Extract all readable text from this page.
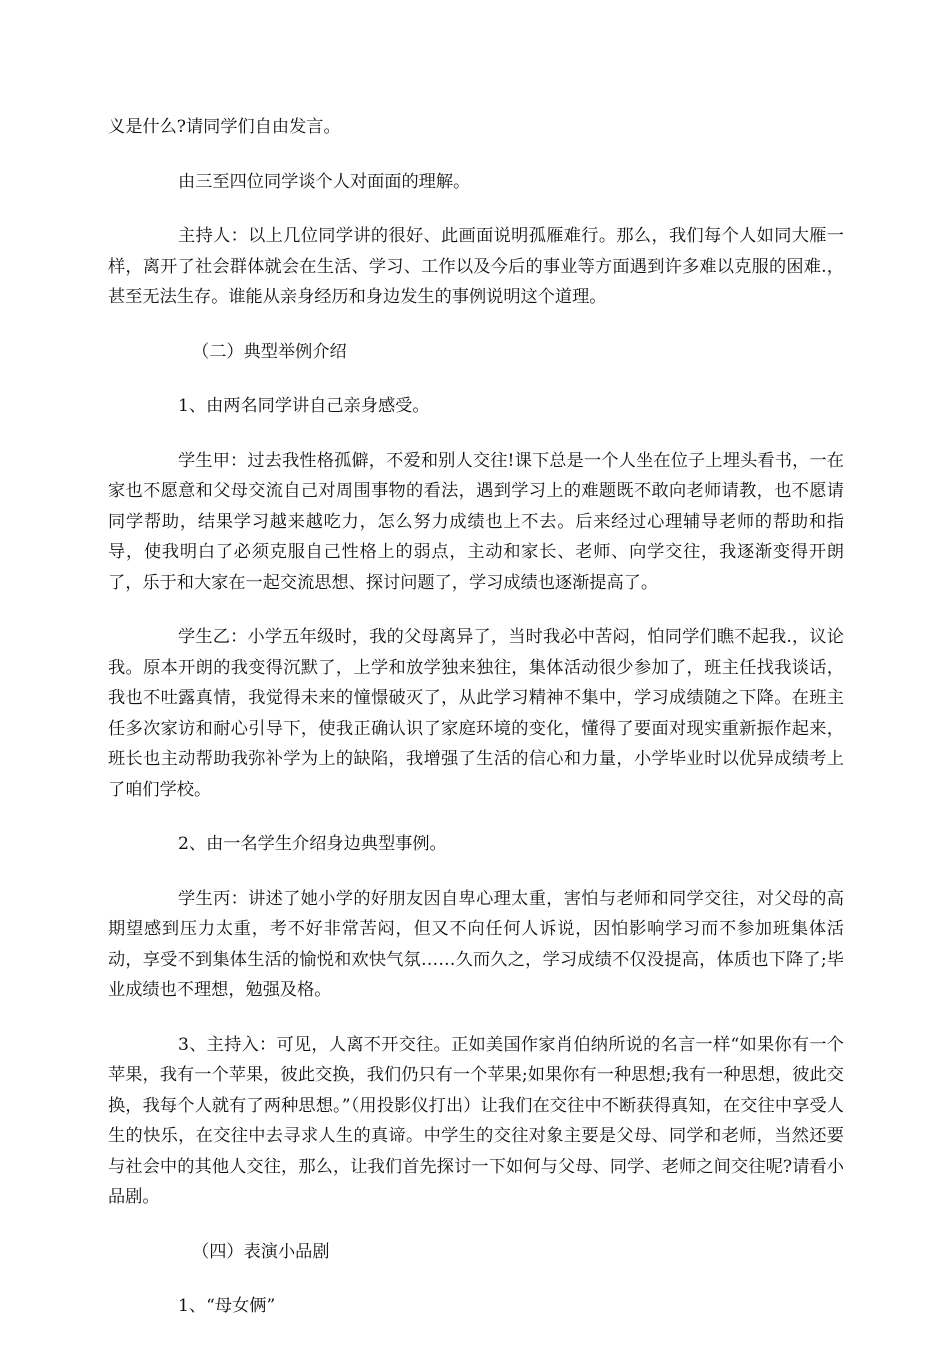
义是什么?请同学们自由发言。

由三至四位同学谈个人对面面的理解。

主持人：以上几位同学讲的很好、此画面说明孤雁难行。那么，我们每个人如同大雁一样，离开了社会群体就会在生活、学习、工作以及今后的事业等方面遇到许多难以克服的困难.，甚至无法生存。谁能从亲身经历和身边发生的事例说明这个道理。

（二）典型举例介绍

1、由两名同学讲自己亲身感受。

学生甲：过去我性格孤僻，不爱和别人交往!课下总是一个人坐在位子上埋头看书，一在家也不愿意和父母交流自己对周围事物的看法，遇到学习上的难题既不敢向老师请教，也不愿请同学帮助，结果学习越来越吃力，怎么努力成绩也上不去。后来经过心理辅导老师的帮助和指导，使我明白了必须克服自己性格上的弱点，主动和家长、老师、向学交往，我逐渐变得开朗了，乐于和大家在一起交流思想、探讨问题了，学习成绩也逐渐提高了。

学生乙：小学五年级时，我的父母离异了，当时我必中苦闷，怕同学们瞧不起我.，议论我。原本开朗的我变得沉默了，上学和放学独来独往，集体活动很少参加了，班主任找我谈话，我也不吐露真情，我觉得未来的憧憬破灭了，从此学习精神不集中，学习成绩随之下降。在班主任多次家访和耐心引导下，使我正确认识了家庭环境的变化，懂得了要面对现实重新振作起来，班长也主动帮助我弥补学为上的缺陷，我增强了生活的信心和力量，小学毕业时以优异成绩考上了咱们学校。

2、由一名学生介绍身边典型事例。

学生丙：讲述了她小学的好朋友因自卑心理太重，害怕与老师和同学交往，对父母的高期望感到压力太重，考不好非常苦闷，但又不向任何人诉说，因怕影响学习而不参加班集体活动，享受不到集体生活的愉悦和欢快气氛……久而久之，学习成绩不仅没提高，体质也下降了;毕业成绩也不理想，勉强及格。

3、主持入：可见，人离不开交往。正如美国作家肖伯纳所说的名言一样“如果你有一个苹果，我有一个苹果，彼此交换，我们仍只有一个苹果;如果你有一种思想;我有一种思想，彼此交换，我每个人就有了两种思想。”（用投影仪打出）让我们在交往中不断获得真知，在交往中享受人生的快乐，在交往中去寻求人生的真谛。中学生的交往对象主要是父母、同学和老师，当然还要与社会中的其他人交往，那么，让我们首先探讨一下如何与父母、同学、老师之间交往呢?请看小品剧。

（四）表演小品剧

1、“母女俩”
